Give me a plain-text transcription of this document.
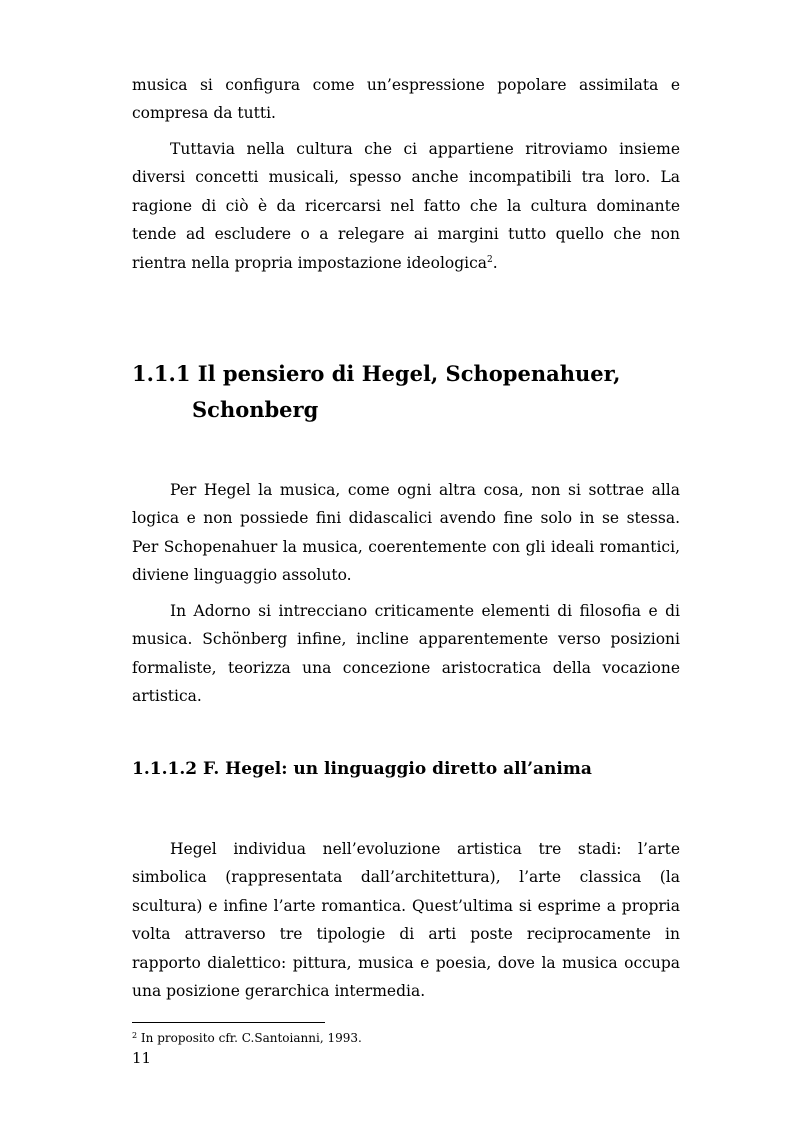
musica si configura come un’espressione popolare assimilata e compresa da tutti.

Tuttavia nella cultura che ci appartiene ritroviamo insieme diversi concetti musicali, spesso anche incompatibili tra loro. La ragione di ciò è da ricercarsi nel fatto che la cultura dominante tende ad escludere o a relegare ai margini tutto quello che non rientra nella propria impostazione ideologica$^2$.

1.1.1 Il pensiero di Hegel, Schopenahuer,
Schonberg

Per Hegel la musica, come ogni altra cosa, non si sottrae alla logica e non possiede fini didascalici avendo fine solo in se stessa. Per Schopenahuer la musica, coerentemente con gli ideali romantici, diviene linguaggio assoluto.

In Adorno si intrecciano criticamente elementi di filosofia e di musica. Schönberg infine, incline apparentemente verso posizioni formaliste, teorizza una concezione aristocratica della vocazione artistica.

1.1.1.2 F. Hegel: un linguaggio diretto all’anima

Hegel individua nell’evoluzione artistica tre stadi: l’arte simbolica (rappresentata dall’architettura), l’arte classica (la scultura) e infine l’arte romantica. Quest’ultima si esprime a propria volta attraverso tre tipologie di arti poste reciprocamente in rapporto dialettico: pittura, musica e poesia, dove la musica occupa una posizione gerarchica intermedia.

$^2$ In proposito cfr. C.Santoianni, 1993.

11
